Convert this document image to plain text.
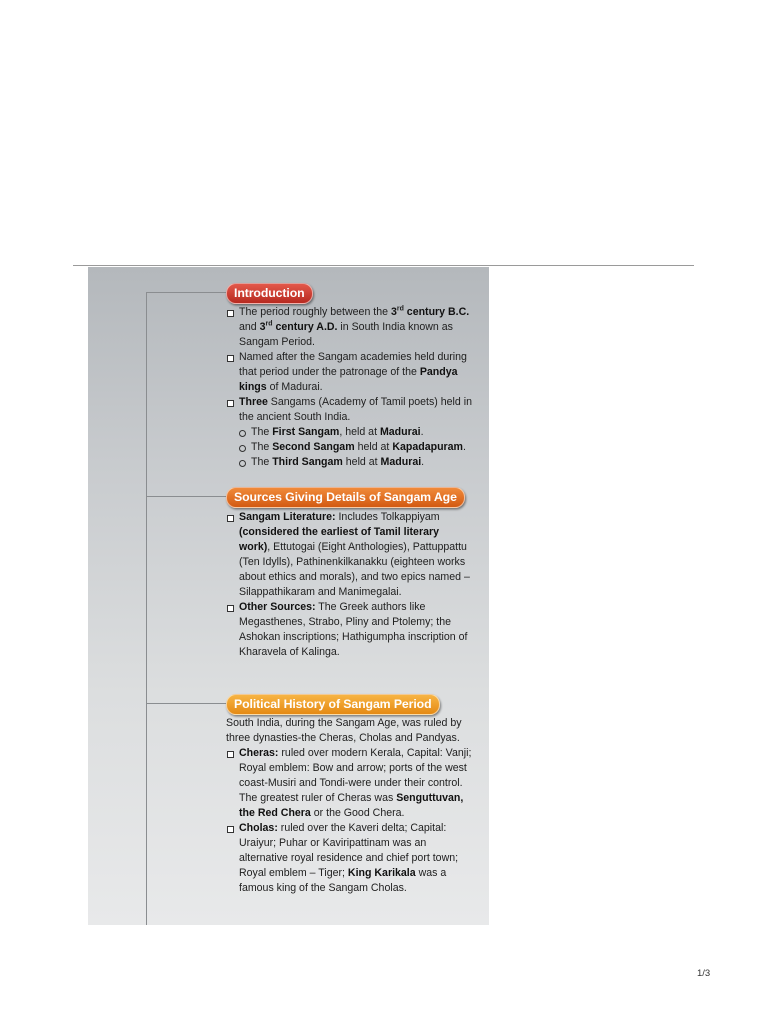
Introduction
The period roughly between the 3rd century B.C. and 3rd century A.D. in South India known as Sangam Period.
Named after the Sangam academies held during that period under the patronage of the Pandya kings of Madurai.
Three Sangams (Academy of Tamil poets) held in the ancient South India.
The First Sangam, held at Madurai.
The Second Sangam held at Kapadapuram.
The Third Sangam held at Madurai.
Sources Giving Details of Sangam Age
Sangam Literature: Includes Tolkappiyam (considered the earliest of Tamil literary work), Ettutogai (Eight Anthologies), Pattuppattu (Ten Idylls), Pathinenkilkanakku (eighteen works about ethics and morals), and two epics named – Silappathikaram and Manimegalai.
Other Sources: The Greek authors like Megasthenes, Strabo, Pliny and Ptolemy; the Ashokan inscriptions; Hathigumpha inscription of Kharavela of Kalinga.
Political History of Sangam Period
South India, during the Sangam Age, was ruled by three dynasties-the Cheras, Cholas and Pandyas.
Cheras: ruled over modern Kerala, Capital: Vanji; Royal emblem: Bow and arrow; ports of the west coast-Musiri and Tondi-were under their control. The greatest ruler of Cheras was Senguttuvan, the Red Chera or the Good Chera.
Cholas: ruled over the Kaveri delta; Capital: Uraiyur; Puhar or Kaviripattinam was an alternative royal residence and chief port town; Royal emblem – Tiger; King Karikala was a famous king of the Sangam Cholas.
1/3
